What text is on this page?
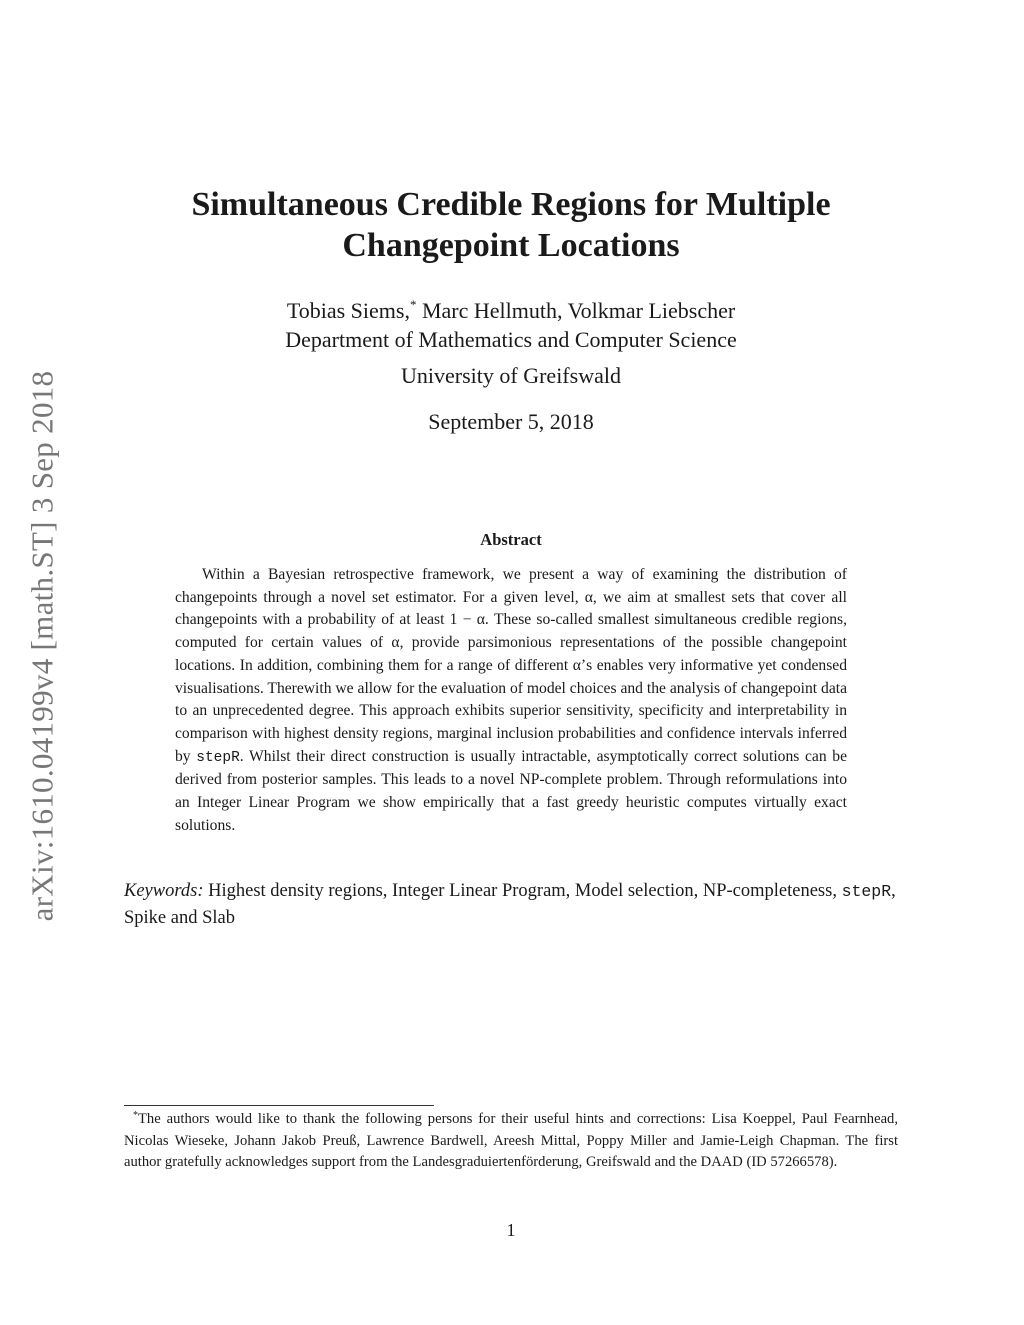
arXiv:1610.04199v4 [math.ST] 3 Sep 2018
Simultaneous Credible Regions for Multiple
Changepoint Locations
Tobias Siems,* Marc Hellmuth, Volkmar Liebscher
Department of Mathematics and Computer Science
University of Greifswald
September 5, 2018
Abstract

Within a Bayesian retrospective framework, we present a way of examining the distribution of changepoints through a novel set estimator. For a given level, α, we aim at smallest sets that cover all changepoints with a probability of at least 1 − α. These so-called smallest simultaneous credible regions, computed for certain values of α, provide parsimonious representations of the possible changepoint locations. In addition, combining them for a range of different α’s enables very informative yet condensed visualisations. Therewith we allow for the evaluation of model choices and the analysis of changepoint data to an unprecedented degree. This approach exhibits superior sensitivity, specificity and interpretability in comparison with highest density regions, marginal inclusion probabilities and confidence intervals inferred by stepR. Whilst their direct construction is usually intractable, asymptotically correct solutions can be derived from posterior samples. This leads to a novel NP-complete problem. Through reformulations into an Integer Linear Program we show empirically that a fast greedy heuristic computes virtually exact solutions.

Keywords: Highest density regions, Integer Linear Program, Model selection, NP-completeness, stepR, Spike and Slab

*The authors would like to thank the following persons for their useful hints and corrections: Lisa Koeppel, Paul Fearnhead, Nicolas Wieseke, Johann Jakob Preuß, Lawrence Bardwell, Areesh Mittal, Poppy Miller and Jamie-Leigh Chapman. The first author gratefully acknowledges support from the Landesgraduiertenförderung, Greifswald and the DAAD (ID 57266578).

1
